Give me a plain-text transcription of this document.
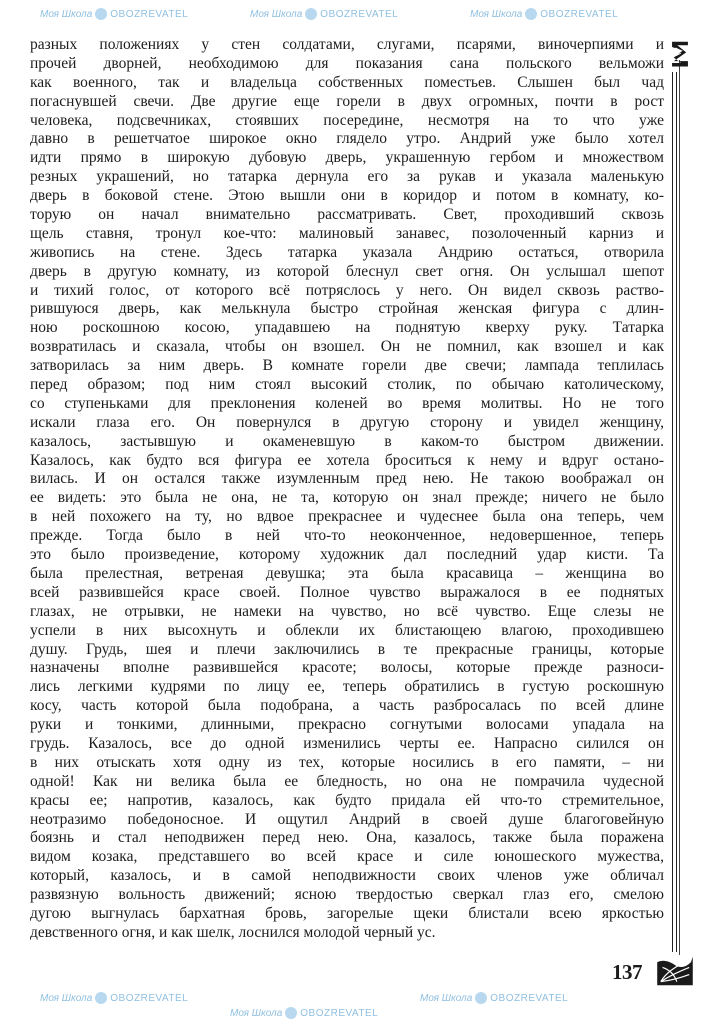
Моя Школа OBOZREVATEL	Моя Школа OBOZREVATEL	Моя Школа OBOZREVATEL
Моя Школа OBOZREVATEL
Моя Школа OBOZREVATEL
Моя Школа OBOZREVATEL
разных положениях у стен солдатами, слугами, псарями, виночерпиями и
прочей дворней, необходимою для показания сана польского вельможи
как военного, так и владельца собственных поместьев. Слышен был чад
погаснувшей свечи. Две другие еще горели в двух огромных, почти в рост
человека, подсвечниках, стоявших посередине, несмотря на то что уже
давно в решетчатое широкое окно глядело утро. Андрий уже было хотел
идти прямо в широкую дубовую дверь, украшенную гербом и множеством
резных украшений, но татарка дернула его за рукав и указала маленькую
дверь в боковой стене. Этою вышли они в коридор и потом в комнату, ко-
торую он начал внимательно рассматривать. Свет, проходивший сквозь
щель ставня, тронул кое-что: малиновый занавес, позолоченный карниз и
живопись на стене. Здесь татарка указала Андрию остаться, отворила
дверь в другую комнату, из которой блеснул свет огня. Он услышал шепот
и тихий голос, от которого всё потряслось у него. Он видел сквозь раство-
рившуюся дверь, как мелькнула быстро стройная женская фигура с длин-
ною роскошною косою, упадавшею на поднятую кверху руку. Татарка
возвратилась и сказала, чтобы он взошел. Он не помнил, как взошел и как
затворилась за ним дверь. В комнате горели две свечи; лампада теплилась
перед образом; под ним стоял высокий столик, по обычаю католическому,
со ступеньками для преклонения коленей во время молитвы. Но не того
искали глаза его. Он повернулся в другую сторону и увидел женщину,
казалось, застывшую и окаменевшую в каком-то быстром движении.
Казалось, как будто вся фигура ее хотела броситься к нему и вдруг остано-
вилась. И он остался также изумленным пред нею. Не такою воображал он
ее видеть: это была не она, не та, которую он знал прежде; ничего не было
в ней похожего на ту, но вдвое прекраснее и чудеснее была она теперь, чем
прежде. Тогда было в ней что-то неоконченное, недовершенное, теперь
это было произведение, которому художник дал последний удар кисти. Та
была прелестная, ветреная девушка; эта была красавица – женщина во
всей развившейся красе своей. Полное чувство выражалося в ее поднятых
глазах, не отрывки, не намеки на чувство, но всё чувство. Еще слезы не
успели в них высохнуть и облекли их блистающею влагою, проходившею
душу. Грудь, шея и плечи заключились в те прекрасные границы, которые
назначены вполне развившейся красоте; волосы, которые прежде разноси-
лись легкими кудрями по лицу ее, теперь обратились в густую роскошную
косу, часть которой была подобрана, а часть разбросалась по всей длине
руки и тонкими, длинными, прекрасно согнутыми волосами упадала на
грудь. Казалось, все до одной изменились черты ее. Напрасно силился он
в них отыскать хотя одну из тех, которые носились в его памяти, – ни
одной! Как ни велика была ее бледность, но она не помрачила чудесной
красы ее; напротив, казалось, как будто придала ей что-то стремительное,
неотразимо победоносное. И ощутил Андрий в своей душе благоговейную
боязнь и стал неподвижен перед нею. Она, казалось, также была поражена
видом козака, представшего во всей красе и силе юношеского мужества,
который, казалось, и в самой неподвижности своих членов уже обличал
развязную вольность движений; ясною твердостью сверкал глаз его, смелою
дугою выгнулась бархатная бровь, загорелые щеки блистали всею яркостью
девственного огня, и как шелк, лоснился молодой черный ус.
137
